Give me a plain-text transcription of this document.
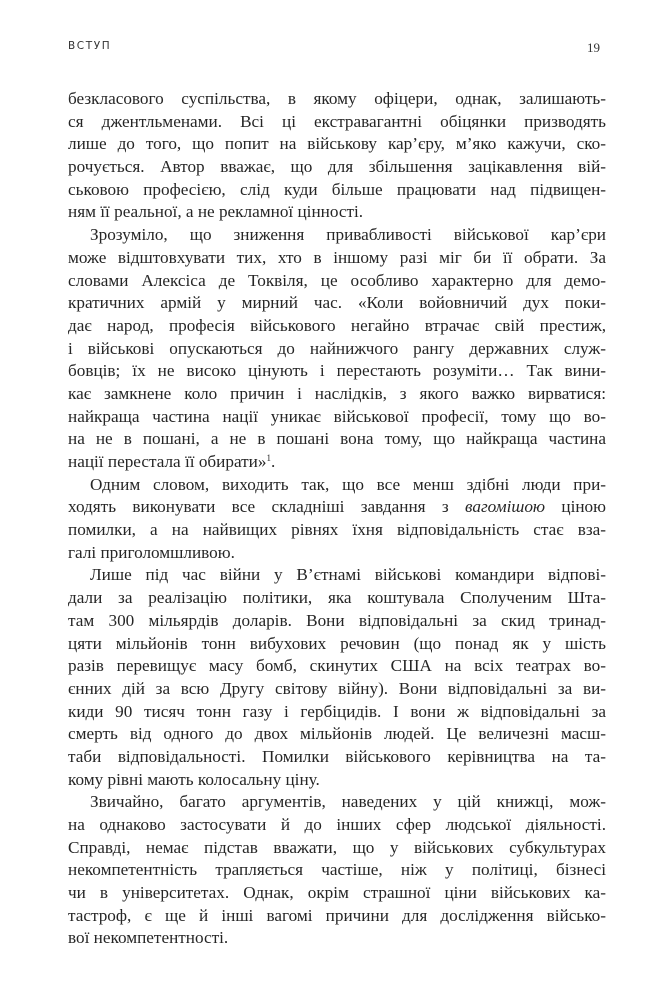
ВСТУП	19
безкласового суспільства, в якому офіцери, однак, залишають-
ся джентльменами. Всі ці екстравагантні обіцянки призводять
лише до того, що попит на військову кар’єру, м’яко кажучи, ско-
рочується. Автор вважає, що для збільшення зацікавлення вій-
ськовою професією, слід куди більше працювати над підвищен-
ням її реальної, а не рекламної цінності.
Зрозуміло, що зниження привабливості військової кар’єри
може відштовхувати тих, хто в іншому разі міг би її обрати. За
словами Алексіса де Токвіля, це особливо характерно для демо-
кратичних армій у мирний час. «Коли войовничий дух поки-
дає народ, професія військового негайно втрачає свій престиж,
і військові опускаються до найнижчого рангу державних служ-
бовців; їх не високо цінують і перестають розуміти… Так вини-
кає замкнене коло причин і наслідків, з якого важко вирватися:
найкраща частина нації уникає військової професії, тому що во-
на не в пошані, а не в пошані вона тому, що найкраща частина
нації перестала її обирати»$^1$.
Одним словом, виходить так, що все менш здібні люди при-
ходять виконувати все складніші завдання з вагомішою ціною
помилки, а на найвищих рівнях їхня відповідальність стає вза-
галі приголомшливою.
Лише під час війни у В’єтнамі військові командири відпові-
дали за реалізацію політики, яка коштувала Сполученим Шта-
там 300 мільярдів доларів. Вони відповідальні за скид тринад-
цяти мільйонів тонн вибухових речовин (що понад як у шість
разів перевищує масу бомб, скинутих США на всіх театрах во-
єнних дій за всю Другу світову війну). Вони відповідальні за ви-
киди 90 тисяч тонн газу і гербіцидів. І вони ж відповідальні за
смерть від одного до двох мільйонів людей. Це величезні масш-
таби відповідальності. Помилки військового керівництва на та-
кому рівні мають колосальну ціну.
Звичайно, багато аргументів, наведених у цій книжці, мож-
на однаково застосувати й до інших сфер людської діяльності.
Справді, немає підстав вважати, що у військових субкультурах
некомпетентність трапляється частіше, ніж у політиці, бізнесі
чи в університетах. Однак, окрім страшної ціни військових ка-
тастроф, є ще й інші вагомі причини для дослідження військо-
вої некомпетентності.
